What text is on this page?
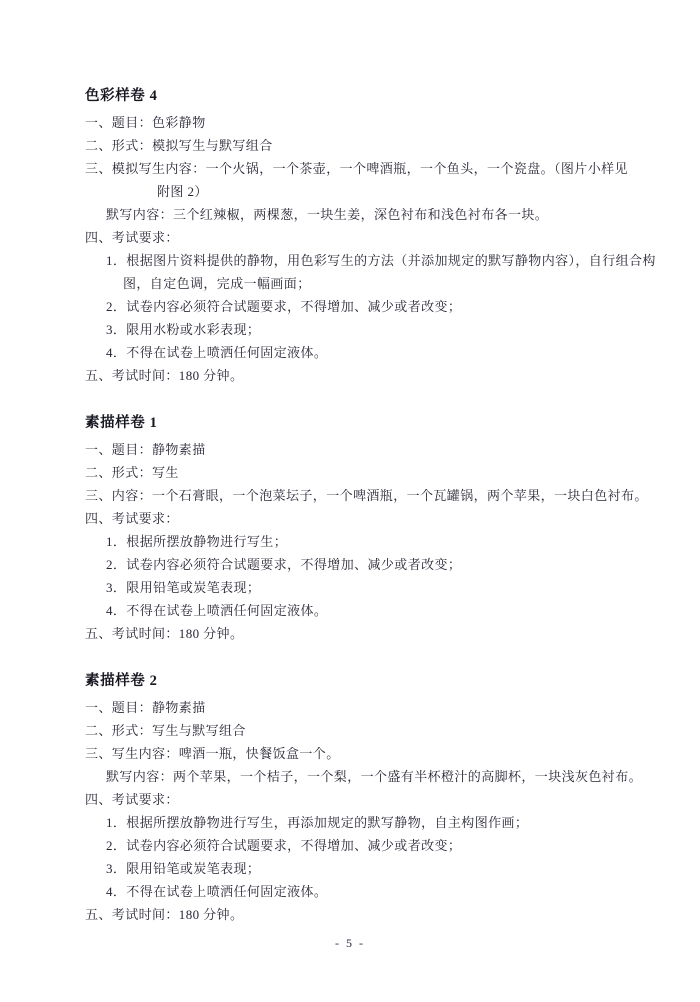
色彩样卷 4
一、题目：色彩静物
二、形式：模拟写生与默写组合
三、模拟写生内容：一个火锅，一个茶壶，一个啤酒瓶，一个鱼头，一个瓷盘。（图片小样见
附图 2）
默写内容：三个红辣椒，两棵葱，一块生姜，深色衬布和浅色衬布各一块。
四、考试要求：
1．根据图片资料提供的静物，用色彩写生的方法（并添加规定的默写静物内容），自行组合构
图，自定色调，完成一幅画面；
2．试卷内容必须符合试题要求，不得增加、减少或者改变；
3．限用水粉或水彩表现；
4．不得在试卷上喷洒任何固定液体。
五、考试时间：180 分钟。
素描样卷 1
一、题目：静物素描
二、形式：写生
三、内容：一个石膏眼，一个泡菜坛子，一个啤酒瓶，一个瓦罐锅，两个苹果，一块白色衬布。
四、考试要求：
1．根据所摆放静物进行写生；
2．试卷内容必须符合试题要求，不得增加、减少或者改变；
3．限用铅笔或炭笔表现；
4．不得在试卷上喷洒任何固定液体。
五、考试时间：180 分钟。
素描样卷 2
一、题目：静物素描
二、形式：写生与默写组合
三、写生内容：啤酒一瓶，快餐饭盒一个。
默写内容：两个苹果，一个桔子，一个梨，一个盛有半杯橙汁的高脚杯，一块浅灰色衬布。
四、考试要求：
1．根据所摆放静物进行写生，再添加规定的默写静物，自主构图作画；
2．试卷内容必须符合试题要求，不得增加、减少或者改变；
3．限用铅笔或炭笔表现；
4．不得在试卷上喷洒任何固定液体。
五、考试时间：180 分钟。
- 5 -
